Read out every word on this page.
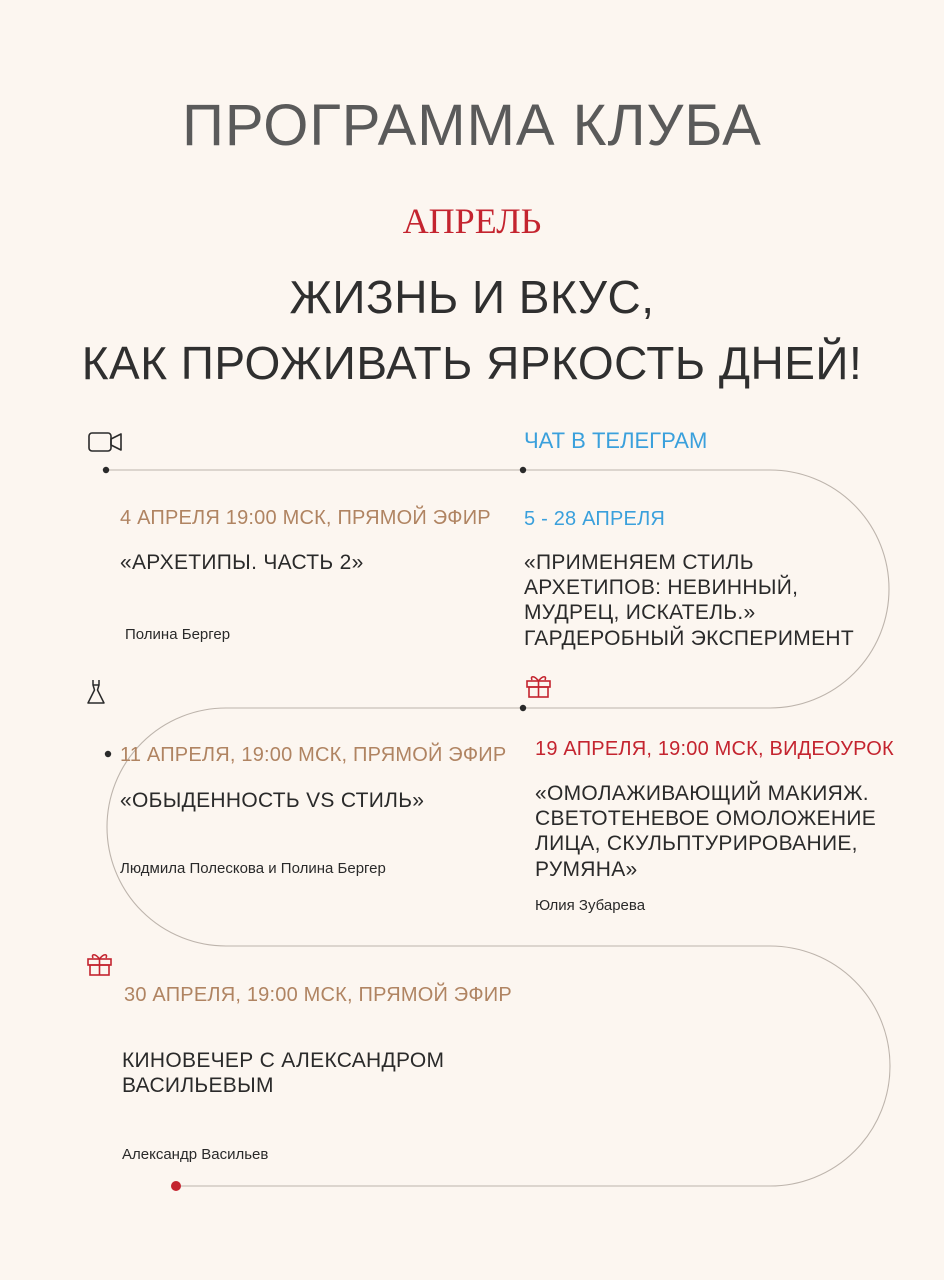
ПРОГРАММА КЛУБА
АПРЕЛЬ
ЖИЗНЬ И ВКУС,
КАК ПРОЖИВАТЬ ЯРКОСТЬ ДНЕЙ!
ЧАТ В ТЕЛЕГРАМ
4 АПРЕЛЯ 19:00 МСК, ПРЯМОЙ ЭФИР
«АРХЕТИПЫ. ЧАСТЬ 2»
Полина Бергер
5 - 28 АПРЕЛЯ
«ПРИМЕНЯЕМ СТИЛЬ
АРХЕТИПОВ: НЕВИННЫЙ,
МУДРЕЦ, ИСКАТЕЛЬ.»
ГАРДЕРОБНЫЙ ЭКСПЕРИМЕНТ
11 АПРЕЛЯ, 19:00 МСК, ПРЯМОЙ ЭФИР
«ОБЫДЕННОСТЬ VS СТИЛЬ»
Людмила Полескова и Полина Бергер
19 АПРЕЛЯ, 19:00 МСК, ВИДЕОУРОК
«ОМОЛАЖИВАЮЩИЙ МАКИЯЖ.
СВЕТОТЕНЕВОЕ ОМОЛОЖЕНИЕ
ЛИЦА, СКУЛЬПТУРИРОВАНИЕ,
РУМЯНА»
Юлия Зубарева
30 АПРЕЛЯ, 19:00 МСК, ПРЯМОЙ ЭФИР
КИНОВЕЧЕР С АЛЕКСАНДРОМ
ВАСИЛЬЕВЫМ
Александр Васильев
